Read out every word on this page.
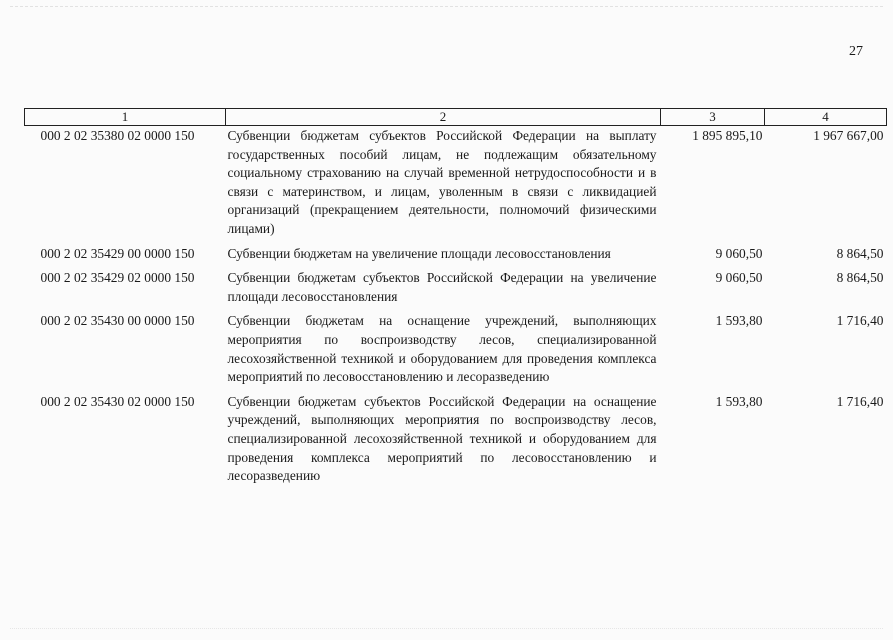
27
1	2	3	4
000 2 02 35380 02 0000 150	Субвенции бюджетам субъектов Российской Федерации на выплату государственных пособий лицам, не подлежащим обязательному социальному страхованию на случай временной нетрудоспособности и в связи с материнством, и лицам, уволенным в связи с ликвидацией организаций (прекращением деятельности, полномочий физическими лицами)	1 895 895,10	1 967 667,00
000 2 02 35429 00 0000 150	Субвенции бюджетам на увеличение площади лесовосстановления	9 060,50	8 864,50
000 2 02 35429 02 0000 150	Субвенции бюджетам субъектов Российской Федерации на увеличение площади лесовосстановления	9 060,50	8 864,50
000 2 02 35430 00 0000 150	Субвенции бюджетам на оснащение учреждений, выполняющих мероприятия по воспроизводству лесов, специализированной лесохозяйственной техникой и оборудованием для проведения комплекса мероприятий по лесовосстановлению и лесоразведению	1 593,80	1 716,40
000 2 02 35430 02 0000 150	Субвенции бюджетам субъектов Российской Федерации на оснащение учреждений, выполняющих мероприятия по воспроизводству лесов, специализированной лесохозяйственной техникой и оборудованием для проведения комплекса мероприятий по лесовосстановлению и лесоразведению	1 593,80	1 716,40
